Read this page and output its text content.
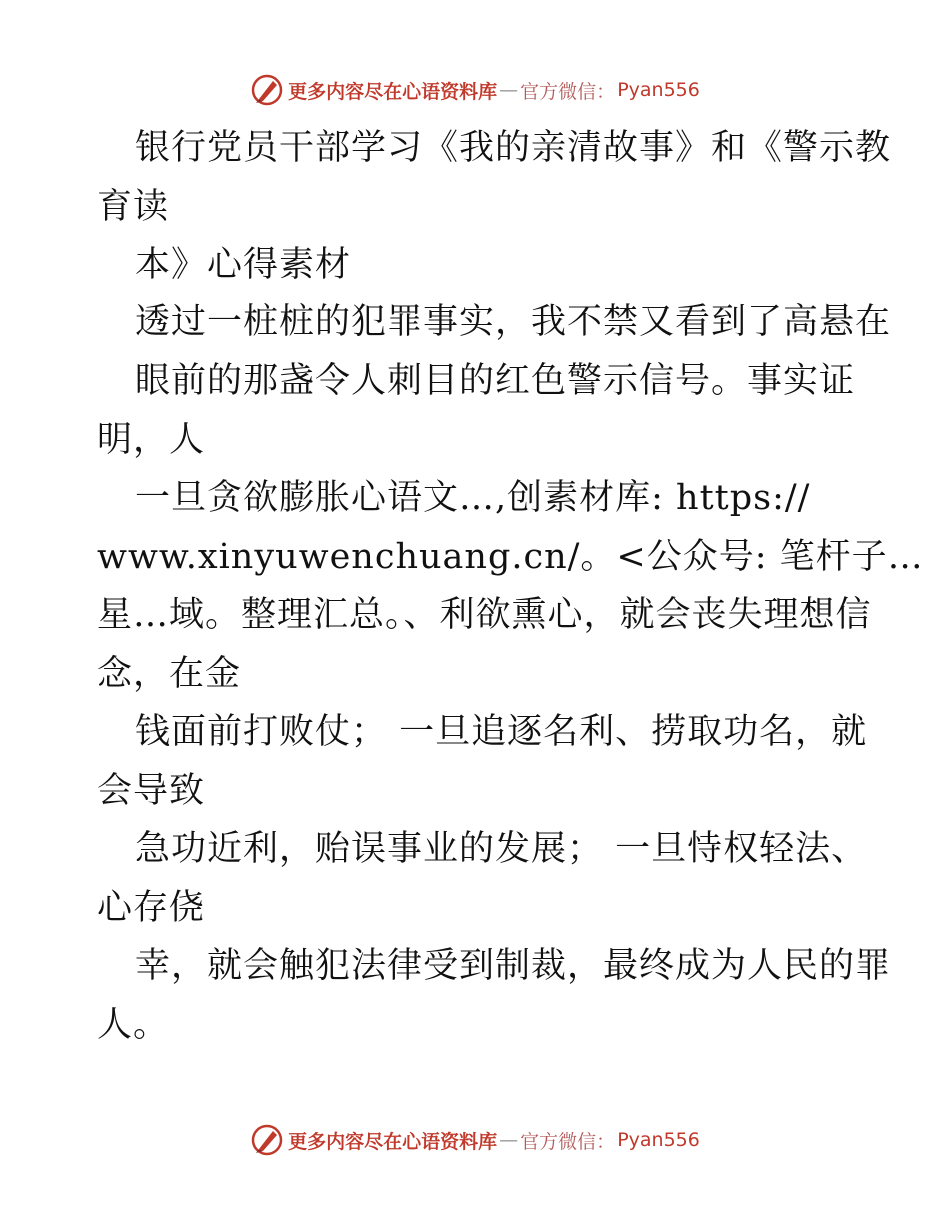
更多内容尽在心语资料库 — 官方微信： Pyan556
银行党员干部学习《我的亲清故事》和《警示教
育读
本》心得素材
透过一桩桩的犯罪事实，我不禁又看到了高悬在
眼前的那盏令人刺目的红色警示信号。事实证
明，人
一旦贪欲膨胀心语文…,创素材库: https://
www.xinyuwenchuang.cn/。<公众号: 笔杆子…
星…域。整理汇总。、利欲熏心，就会丧失理想信
念，在金
钱面前打败仗； 一旦追逐名利、捞取功名，就
会导致
急功近利，贻误事业的发展； 一旦恃权轻法、
心存侥
幸，就会触犯法律受到制裁，最终成为人民的罪
人。
更多内容尽在心语资料库 — 官方微信： Pyan556
